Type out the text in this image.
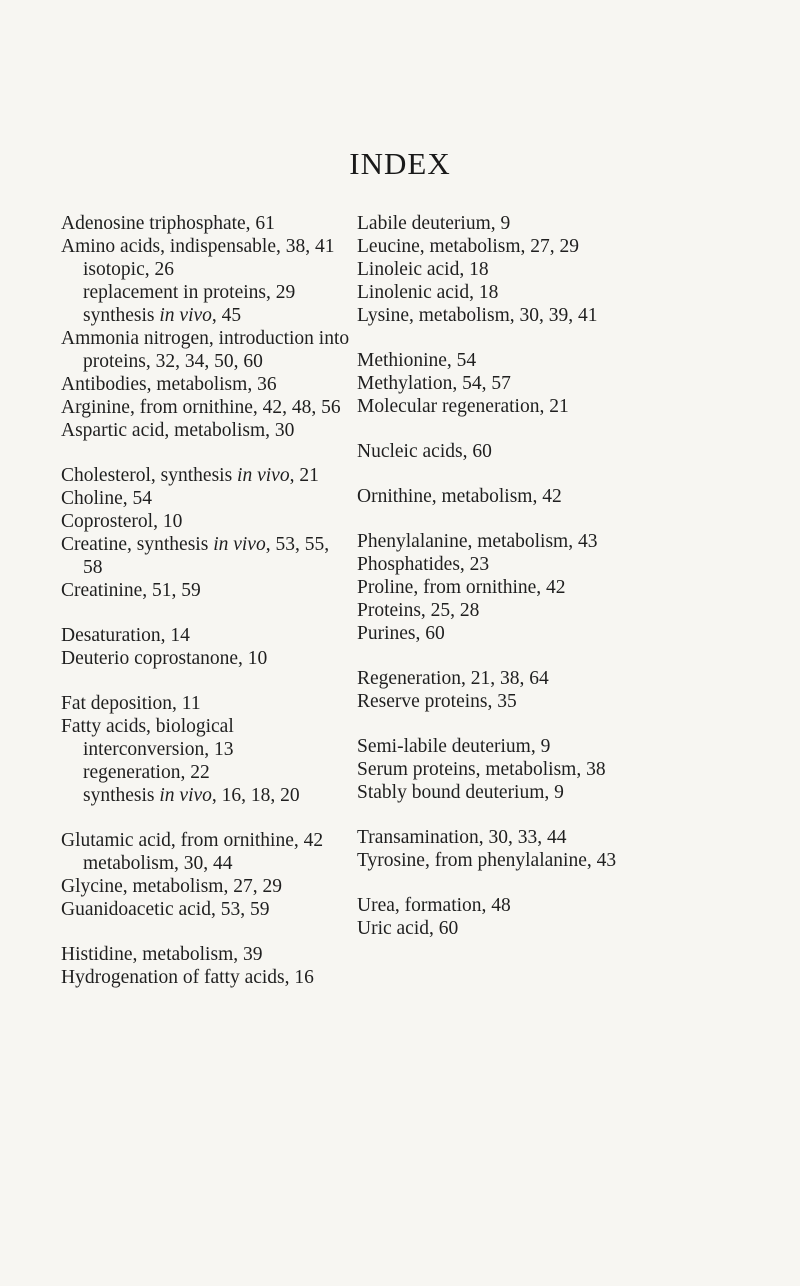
INDEX

Adenosine triphosphate, 61

Amino acids, indispensable, 38, 41

isotopic, 26

replacement in proteins, 29

synthesis in vivo, 45

Ammonia nitrogen, introduction into proteins, 32, 34, 50, 60

Antibodies, metabolism, 36

Arginine, from ornithine, 42, 48, 56

Aspartic acid, metabolism, 30

Cholesterol, synthesis in vivo, 21

Choline, 54

Coprosterol, 10

Creatine, synthesis in vivo, 53, 55, 58

Creatinine, 51, 59

Desaturation, 14

Deuterio coprostanone, 10

Fat deposition, 11

Fatty acids, biological interconversion, 13

regeneration, 22

synthesis in vivo, 16, 18, 20

Glutamic acid, from ornithine, 42

metabolism, 30, 44

Glycine, metabolism, 27, 29

Guanidoacetic acid, 53, 59

Histidine, metabolism, 39

Hydrogenation of fatty acids, 16

Labile deuterium, 9

Leucine, metabolism, 27, 29

Linoleic acid, 18

Linolenic acid, 18

Lysine, metabolism, 30, 39, 41

Methionine, 54

Methylation, 54, 57

Molecular regeneration, 21

Nucleic acids, 60

Ornithine, metabolism, 42

Phenylalanine, metabolism, 43

Phosphatides, 23

Proline, from ornithine, 42

Proteins, 25, 28

Purines, 60

Regeneration, 21, 38, 64

Reserve proteins, 35

Semi-labile deuterium, 9

Serum proteins, metabolism, 38

Stably bound deuterium, 9

Transamination, 30, 33, 44

Tyrosine, from phenylalanine, 43

Urea, formation, 48

Uric acid, 60
